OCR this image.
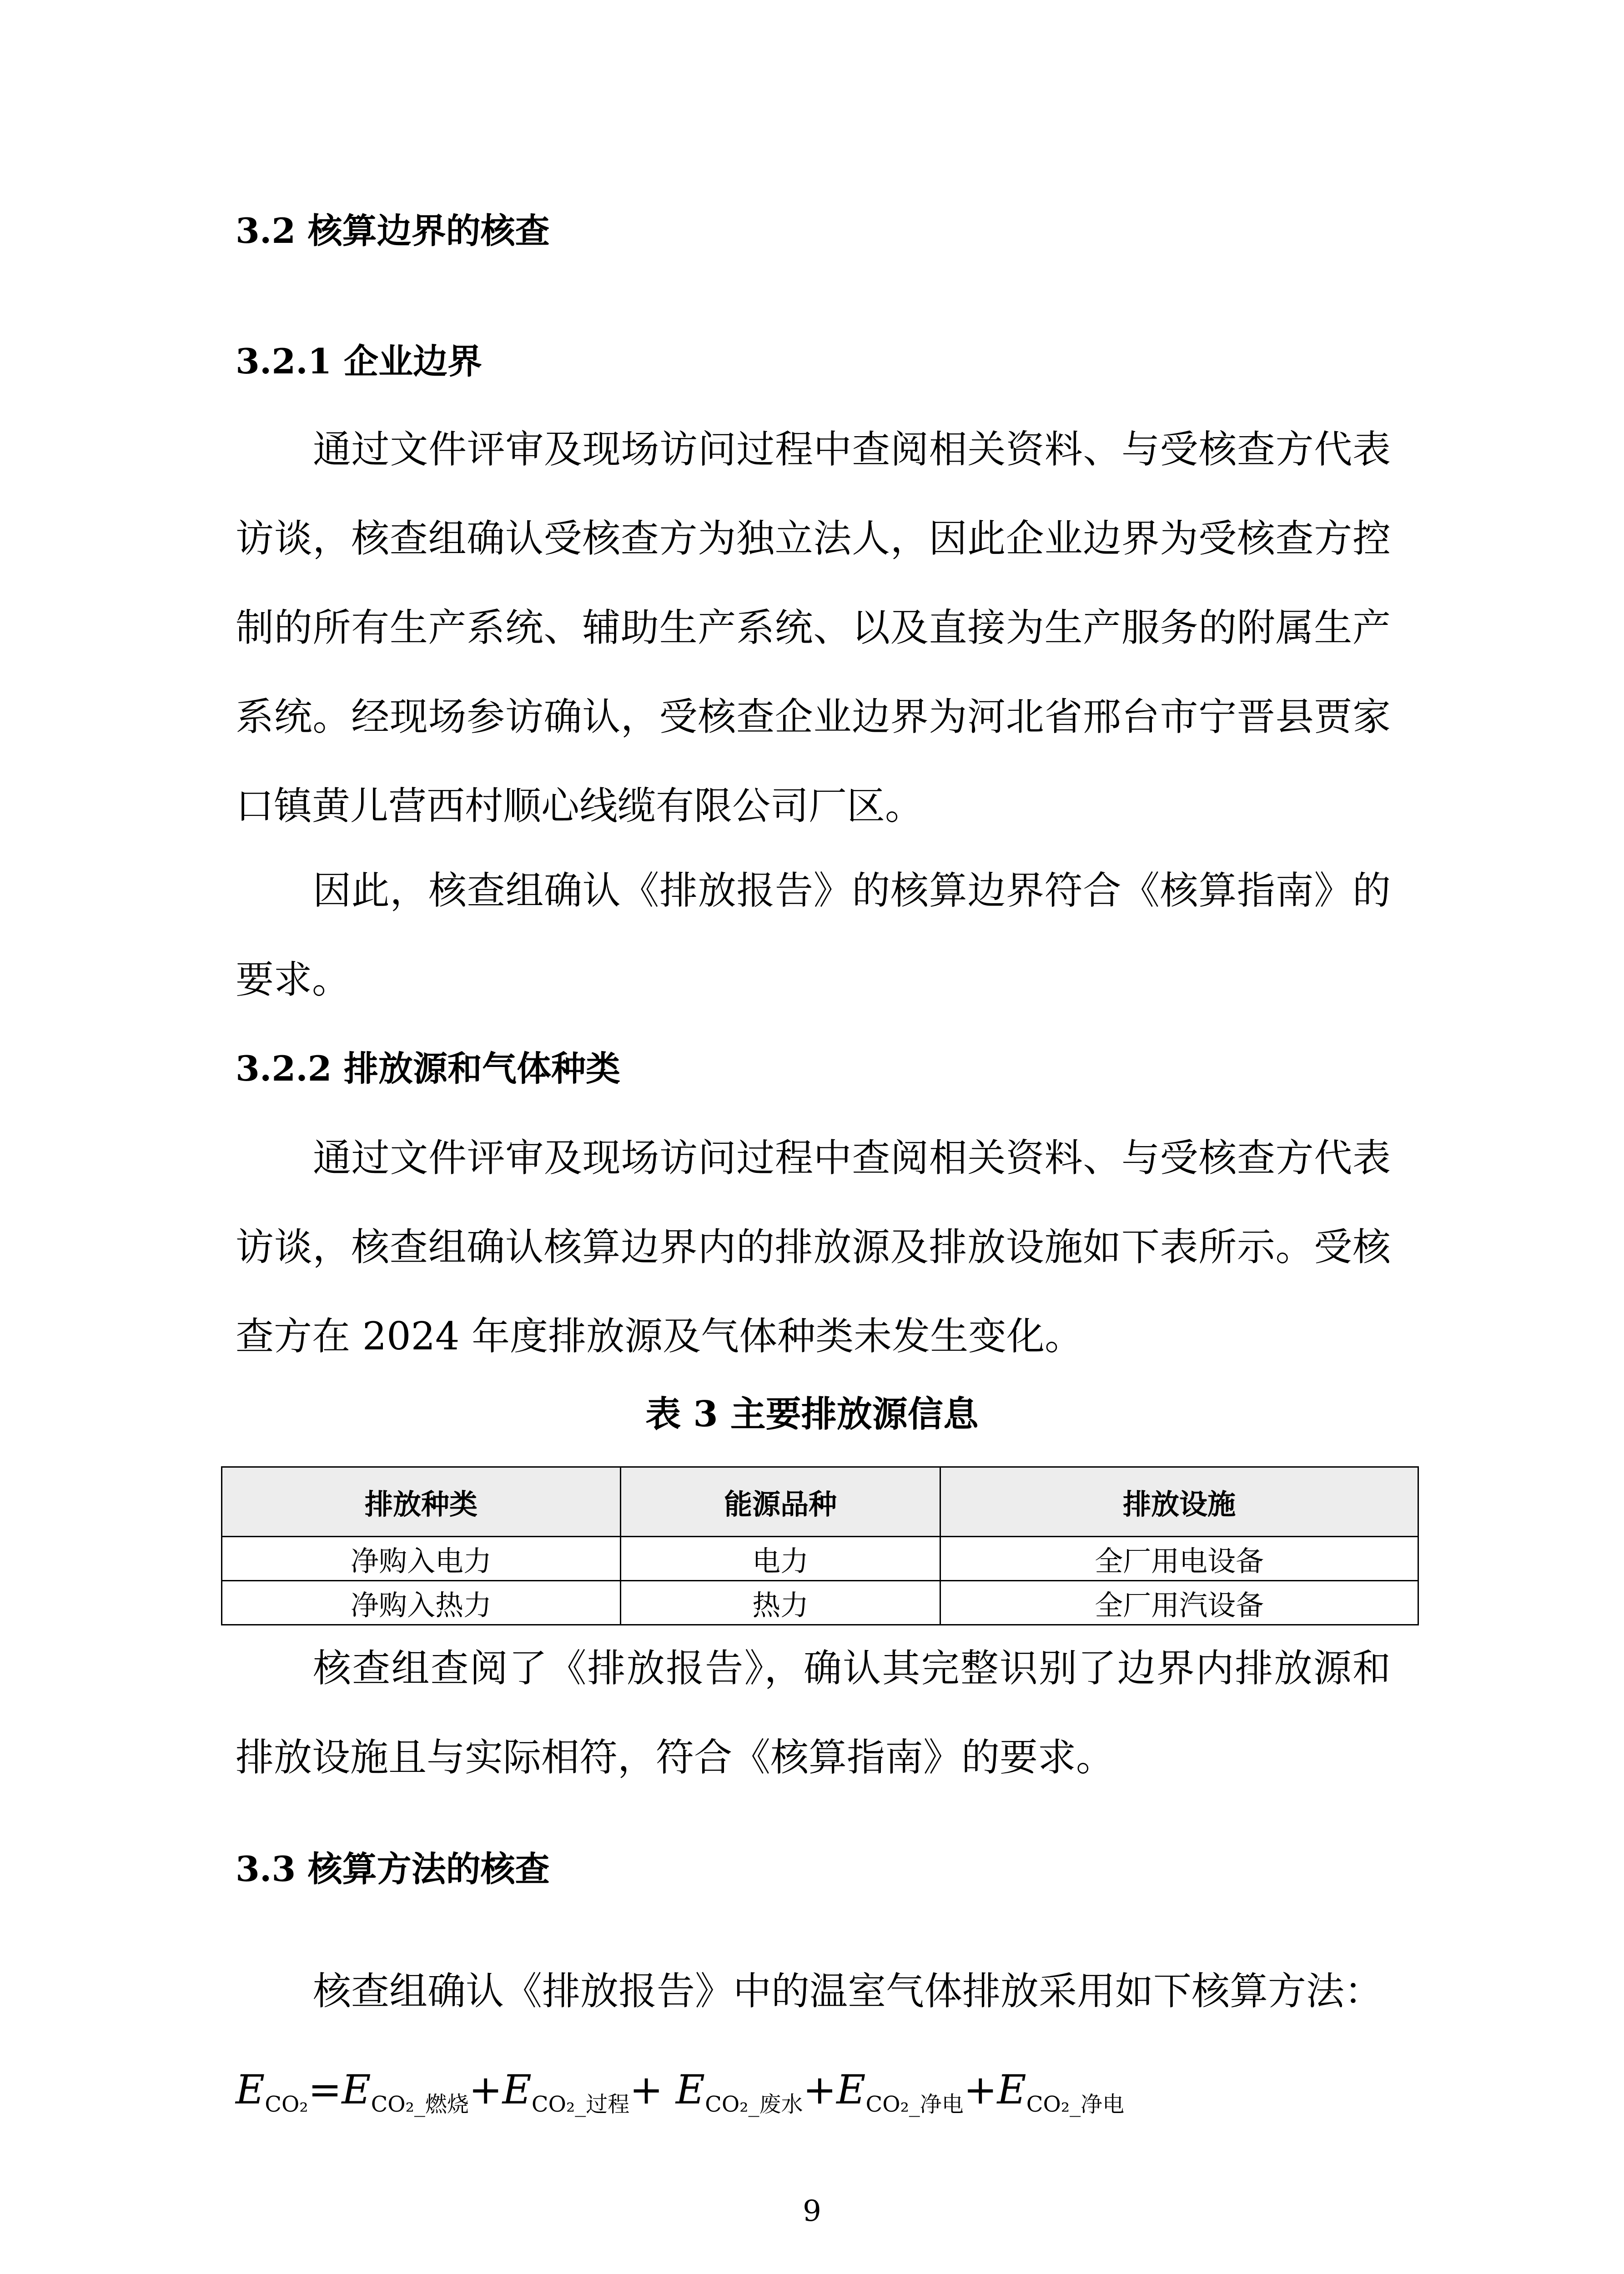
3.2 核算边界的核查
3.2.1 企业边界

通过文件评审及现场访问过程中查阅相关资料、与受核查方代表访谈，核查组确认受核查方为独立法人，因此企业边界为受核查方控制的所有生产系统、辅助生产系统、以及直接为生产服务的附属生产系统。经现场参访确认，受核查企业边界为河北省邢台市宁晋县贾家口镇黄儿营西村顺心线缆有限公司厂区。

因此，核查组确认《排放报告》的核算边界符合《核算指南》的要求。

3.2.2 排放源和气体种类

通过文件评审及现场访问过程中查阅相关资料、与受核查方代表访谈，核查组确认核算边界内的排放源及排放设施如下表所示。受核查方在 2024 年度排放源及气体种类未发生变化。

表 3 主要排放源信息
排放种类	能源品种	排放设施
净购入电力	电力	全厂用电设备
净购入热力	热力	全厂用汽设备

核查组查阅了《排放报告》，确认其完整识别了边界内排放源和排放设施且与实际相符，符合《核算指南》的要求。

3.3 核算方法的核查

核查组确认《排放报告》中的温室气体排放采用如下核算方法：

$E_{CO_2}=E_{CO_2\_燃烧}+E_{CO_2\_过程}+ E_{CO_2\_废水}+E_{CO_2\_净电}+E_{CO_2\_净电}$
9
